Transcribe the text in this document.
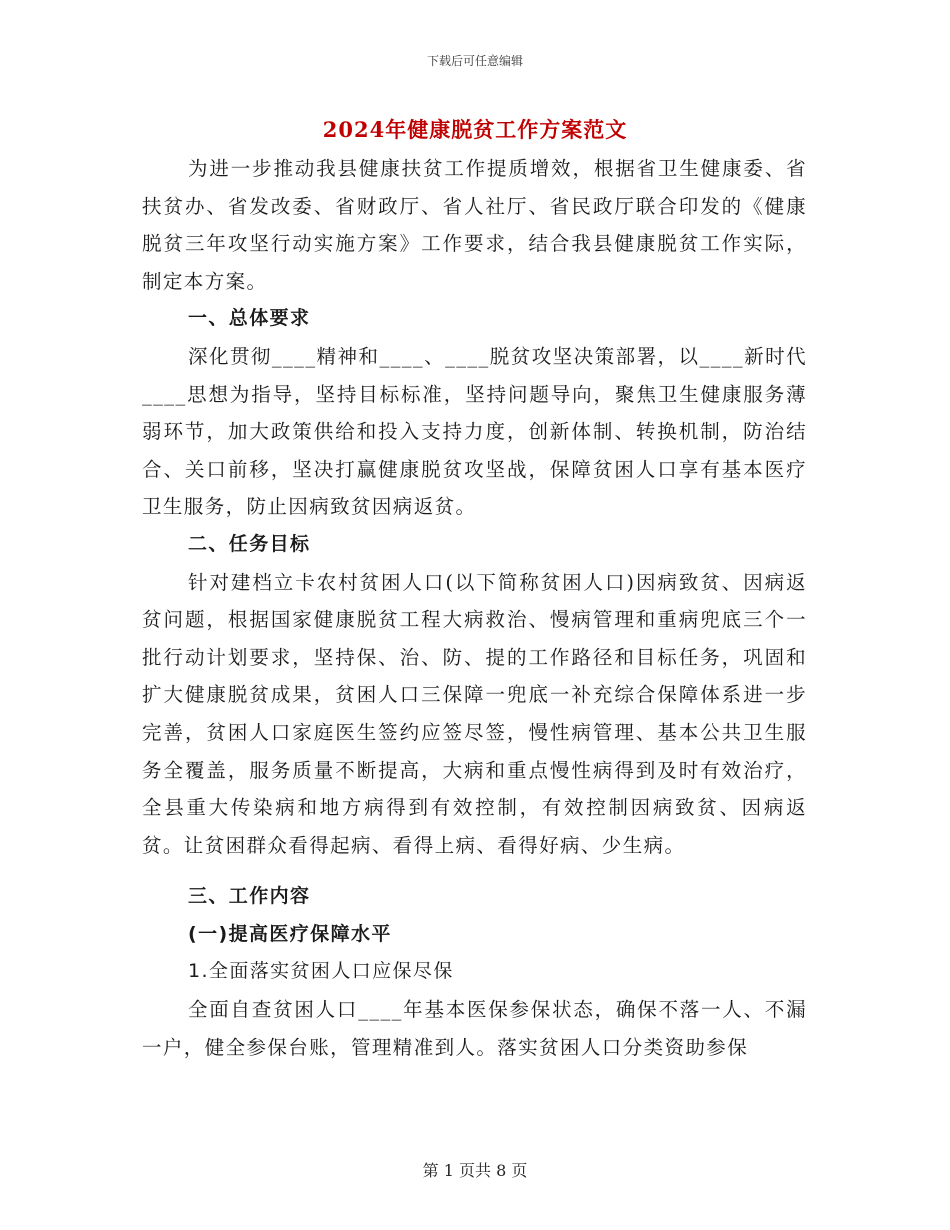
下载后可任意编辑
2024年健康脱贫工作方案范文

为进一步推动我县健康扶贫工作提质增效，根据省卫生健康委、省扶贫办、省发改委、省财政厅、省人社厅、省民政厅联合印发的《健康脱贫三年攻坚行动实施方案》工作要求，结合我县健康脱贫工作实际，制定本方案。

一、总体要求

深化贯彻____精神和____、____脱贫攻坚决策部署，以____新时代____思想为指导，坚持目标标准，坚持问题导向，聚焦卫生健康服务薄弱环节，加大政策供给和投入支持力度，创新体制、转换机制，防治结合、关口前移，坚决打赢健康脱贫攻坚战，保障贫困人口享有基本医疗卫生服务，防止因病致贫因病返贫。

二、任务目标

针对建档立卡农村贫困人口(以下简称贫困人口)因病致贫、因病返贫问题，根据国家健康脱贫工程大病救治、慢病管理和重病兜底三个一批行动计划要求，坚持保、治、防、提的工作路径和目标任务，巩固和扩大健康脱贫成果，贫困人口三保障一兜底一补充综合保障体系进一步完善，贫困人口家庭医生签约应签尽签，慢性病管理、基本公共卫生服务全覆盖，服务质量不断提高，大病和重点慢性病得到及时有效治疗，全县重大传染病和地方病得到有效控制，有效控制因病致贫、因病返贫。让贫困群众看得起病、看得上病、看得好病、少生病。

三、工作内容

(一)提高医疗保障水平

1.全面落实贫困人口应保尽保

全面自查贫困人口____年基本医保参保状态，确保不落一人、不漏一户，健全参保台账，管理精准到人。落实贫困人口分类资助参保

第 1 页共 8 页
